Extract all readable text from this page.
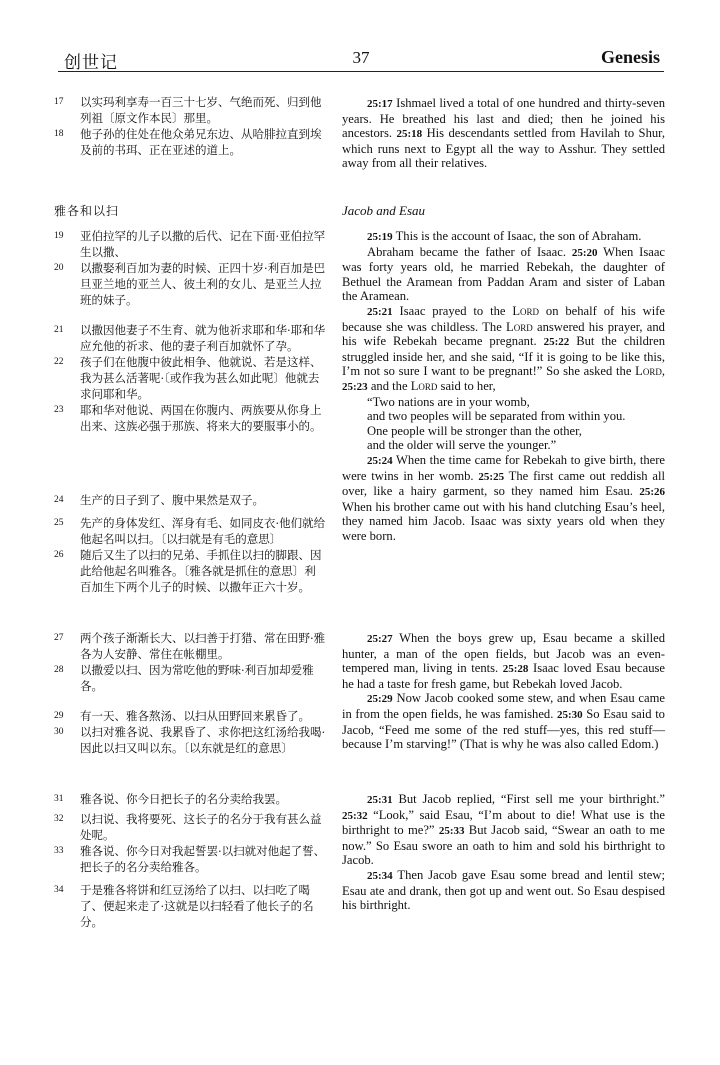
创世记	37	Genesis
17 以实玛利享寿一百三十七岁、气绝而死、归到他列祖〔原文作本民〕那里。
18 他子孙的住处在他众弟兄东边、从哈腓拉直到埃及前的书珥、正在亚述的道上。
雅各和以扫
19 亚伯拉罕的儿子以撒的后代、记在下面·亚伯拉罕生以撒、
20 以撒娶利百加为妻的时候、正四十岁·利百加是巴旦亚兰地的亚兰人、彼土利的女儿、是亚兰人拉班的妹子。
21 以撒因他妻子不生育、就为他祈求耶和华·耶和华应允他的祈求、他的妻子利百加就怀了孕。
22 孩子们在他腹中彼此相争、他就说、若是这样、我为甚么活著呢·〔或作我为甚么如此呢〕他就去求问耶和华。
23 耶和华对他说、两国在你腹内、两族要从你身上出来、这族必强于那族、将来大的要服事小的。
24 生产的日子到了、腹中果然是双子。
25 先产的身体发红、浑身有毛、如同皮衣·他们就给他起名叫以扫。〔以扫就是有毛的意思〕
26 随后又生了以扫的兄弟、手抓住以扫的脚跟、因此给他起名叫雅各。〔雅各就是抓住的意思〕利百加生下两个儿子的时候、以撒年正六十岁。
27 两个孩子渐渐长大、以扫善于打猎、常在田野·雅各为人安静、常住在帐棚里。
28 以撒爱以扫、因为常吃他的野味·利百加却爱雅各。
29 有一天、雅各熬汤、以扫从田野回来累昏了。
30 以扫对雅各说、我累昏了、求你把这红汤给我喝·因此以扫又叫以东。〔以东就是红的意思〕
31 雅各说、你今日把长子的名分卖给我罢。
32 以扫说、我将要死、这长子的名分于我有甚么益处呢。
33 雅各说、你今日对我起誓罢·以扫就对他起了誓、把长子的名分卖给雅各。
34 于是雅各将饼和红豆汤给了以扫、以扫吃了喝了、便起来走了·这就是以扫轻看了他长子的名分。

25:17 Ishmael lived a total of one hundred and thirty-seven years. He breathed his last and died; then he joined his ancestors. 25:18 His descendants settled from Havilah to Shur, which runs next to Egypt all the way to Asshur. They settled away from all their relatives.

Jacob and Esau

25:19 This is the account of Isaac, the son of Abraham.

Abraham became the father of Isaac. 25:20 When Isaac was forty years old, he married Rebekah, the daughter of Bethuel the Aramean from Paddan Aram and sister of Laban the Aramean.

25:21 Isaac prayed to the Lord on behalf of his wife because she was childless. The Lord answered his prayer, and his wife Rebekah became pregnant. 25:22 But the children struggled inside her, and she said, “If it is going to be like this, I’m not so sure I want to be pregnant!” So she asked the Lord, 25:23 and the Lord said to her,

“Two nations are in your womb,
and two peoples will be separated from within you.
One people will be stronger than the other,
and the older will serve the younger.”

25:24 When the time came for Rebekah to give birth, there were twins in her womb. 25:25 The first came out reddish all over, like a hairy garment, so they named him Esau. 25:26 When his brother came out with his hand clutching Esau’s heel, they named him Jacob. Isaac was sixty years old when they were born.

25:27 When the boys grew up, Esau became a skilled hunter, a man of the open fields, but Jacob was an even-tempered man, living in tents. 25:28 Isaac loved Esau because he had a taste for fresh game, but Rebekah loved Jacob.

25:29 Now Jacob cooked some stew, and when Esau came in from the open fields, he was famished. 25:30 So Esau said to Jacob, “Feed me some of the red stuff—yes, this red stuff—because I’m starving!” (That is why he was also called Edom.)

25:31 But Jacob replied, “First sell me your birthright.” 25:32 “Look,” said Esau, “I’m about to die! What use is the birthright to me?” 25:33 But Jacob said, “Swear an oath to me now.” So Esau swore an oath to him and sold his birthright to Jacob.

25:34 Then Jacob gave Esau some bread and lentil stew; Esau ate and drank, then got up and went out. So Esau despised his birthright.
